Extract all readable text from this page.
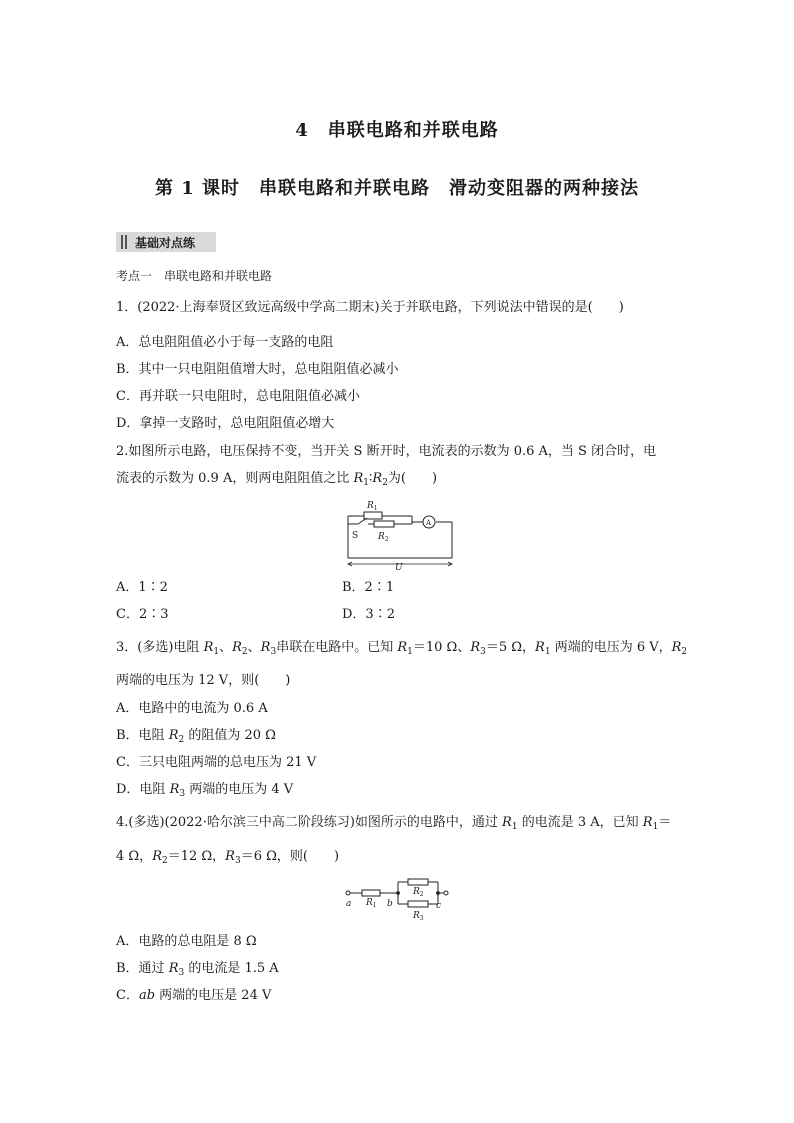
4　串联电路和并联电路
第 1 课时　串联电路和并联电路　滑动变阻器的两种接法
基础对点练
考点一　串联电路和并联电路
1．(2022·上海奉贤区致远高级中学高二期末)关于并联电路，下列说法中错误的是(　　)
A．总电阻阻值必小于每一支路的电阻
B．其中一只电阻阻值增大时，总电阻阻值必减小
C．再并联一只电阻时，总电阻阻值必减小
D．拿掉一支路时，总电阻阻值必增大
2.如图所示电路，电压保持不变，当开关 S 断开时，电流表的示数为 0.6 A，当 S 闭合时，电
流表的示数为 0.9 A，则两电阻阻值之比 $R_1∶R_2$为(　　)
$R_1$
$R_2$
S
A
U
A．1∶2	B．2∶1
C．2∶3	D．3∶2
3．(多选)电阻 $R_1$、$R_2$、$R_3$串联在电路中。已知 $R_1=10$ Ω、$R_3=5$ Ω，$R_1$ 两端的电压为 6 V，$R_2$
两端的电压为 12 V，则(　　)
A．电路中的电流为 0.6 A
B．电阻 $R_2$ 的阻值为 20 Ω
C．三只电阻两端的总电压为 21 V
D．电阻 $R_3$ 两端的电压为 4 V
4.(多选)(2022·哈尔滨三中高二阶段练习)如图所示的电路中，通过 $R_1$ 的电流是 3 A，已知 $R_1=$
4 Ω，$R_2=12$ Ω，$R_3=6$ Ω，则(　　)
a	b	c
$R_1$
$R_2$
$R_3$
A．电路的总电阻是 8 Ω
B．通过 $R_3$ 的电流是 1.5 A
C．ab 两端的电压是 24 V
